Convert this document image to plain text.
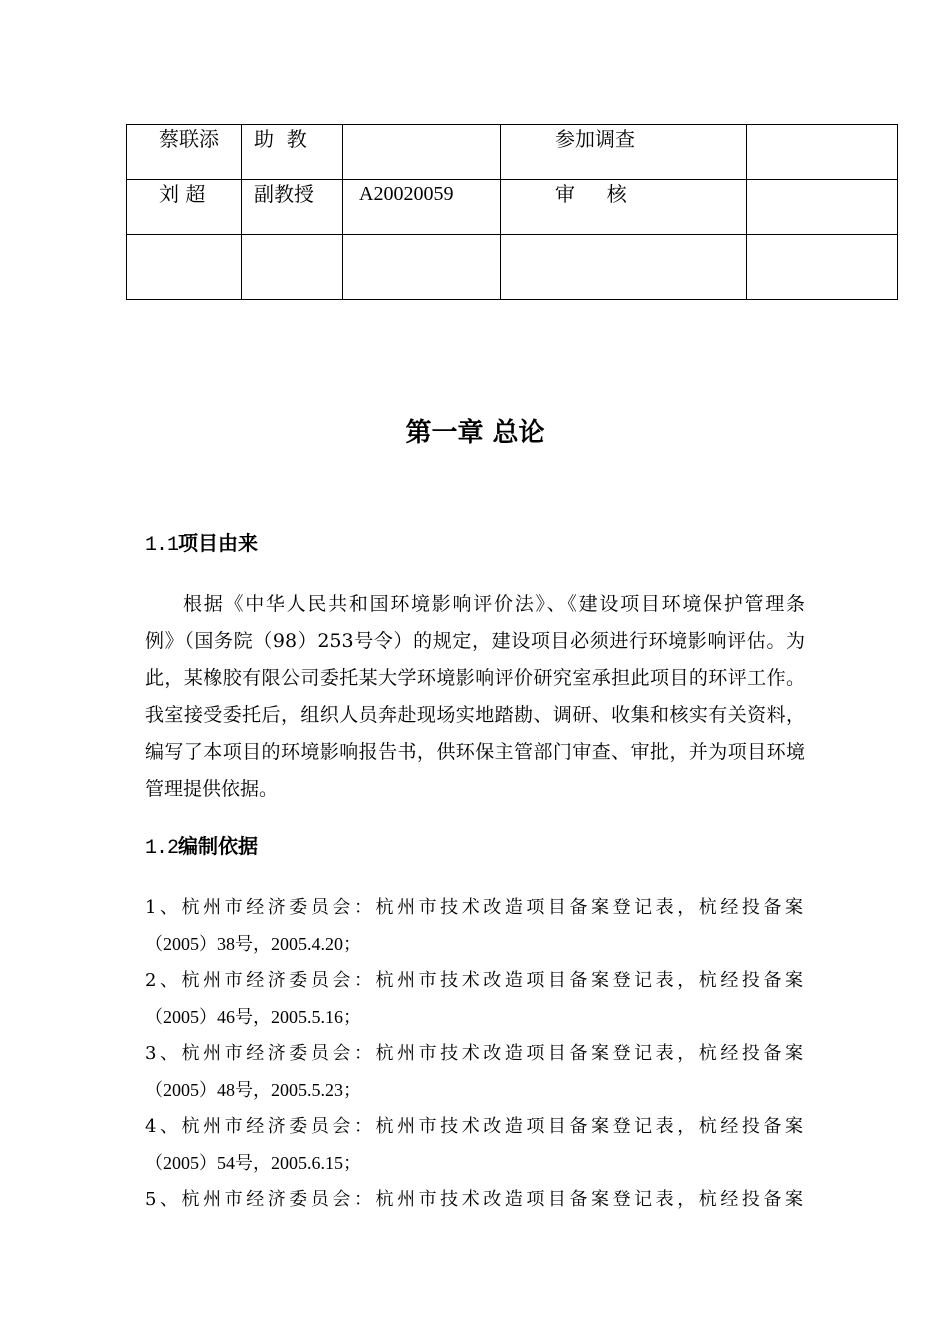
蔡联添	助  教		参加调查	
刘 超	副教授	A20020059	审     核	

第一章 总论
1.1项目由来

根据《中华人民共和国环境影响评价法》、《建设项目环境保护管理条
例》（国务院（98）253号令）的规定，建设项目必须进行环境影响评估。为
此，某橡胶有限公司委托某大学环境影响评价研究室承担此项目的环评工作。
我室接受委托后，组织人员奔赴现场实地踏勘、调研、收集和核实有关资料，
编写了本项目的环境影响报告书，供环保主管部门审查、审批，并为项目环境
管理提供依据。

1.2编制依据
1、杭州市经济委员会：杭州市技术改造项目备案登记表，杭经投备案
（2005）38号，2005.4.20；
2、杭州市经济委员会：杭州市技术改造项目备案登记表，杭经投备案
（2005）46号，2005.5.16；
3、杭州市经济委员会：杭州市技术改造项目备案登记表，杭经投备案
（2005）48号，2005.5.23；
4、杭州市经济委员会：杭州市技术改造项目备案登记表，杭经投备案
（2005）54号，2005.6.15；
5、杭州市经济委员会：杭州市技术改造项目备案登记表，杭经投备案
